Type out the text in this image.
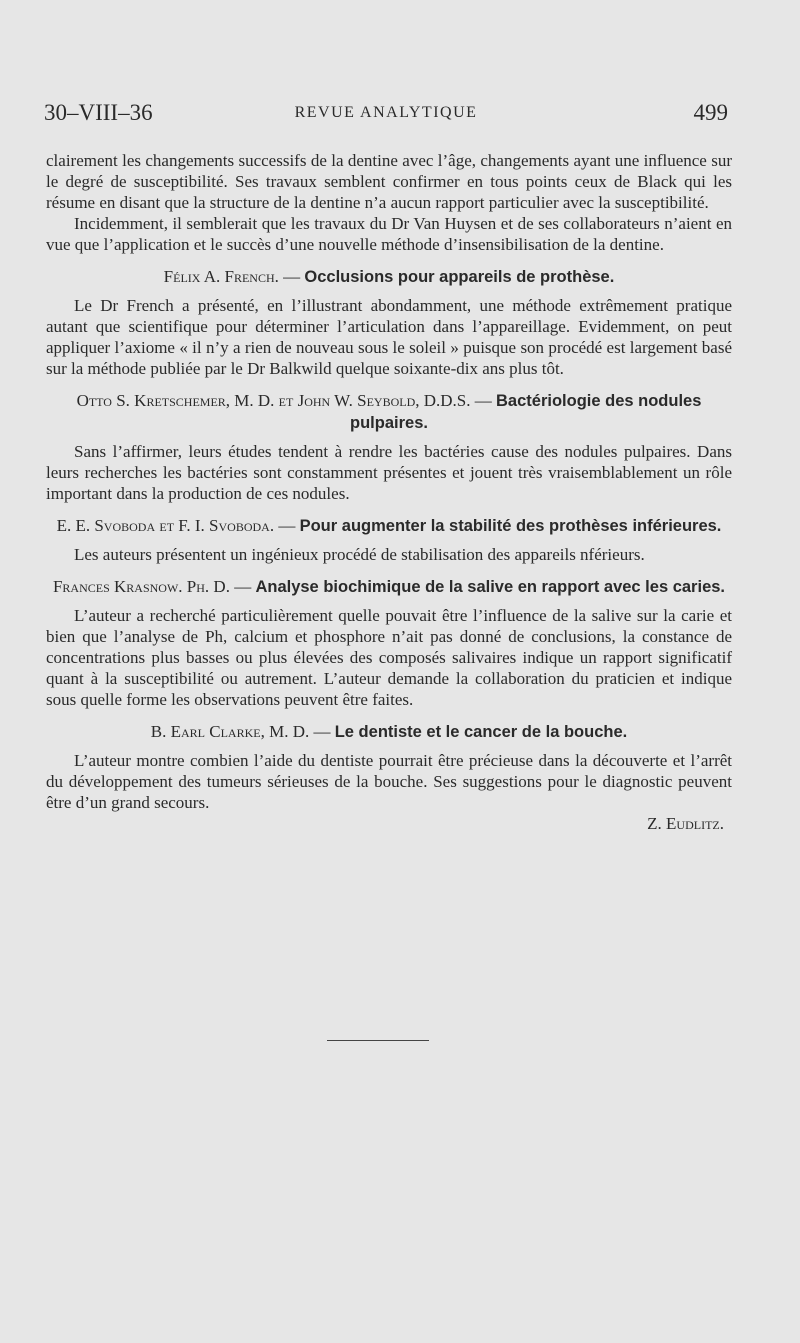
30–VIII–36	REVUE ANALYTIQUE	499

clairement les changements successifs de la dentine avec l’âge, changements ayant une influence sur le degré de susceptibilité. Ses travaux semblent confirmer en tous points ceux de Black qui les résume en disant que la structure de la dentine n’a aucun rapport particulier avec la susceptibilité.

Incidemment, il semblerait que les travaux du Dr Van Huysen et de ses collaborateurs n’aient en vue que l’application et le succès d’une nouvelle méthode d’insensibilisation de la dentine.

Félix A. French. — Occlusions pour appareils de prothèse.

Le Dr French a présenté, en l’illustrant abondamment, une méthode extrêmement pratique autant que scientifique pour déterminer l’articulation dans l’appareillage. Evidemment, on peut appliquer l’axiome « il n’y a rien de nouveau sous le soleil » puisque son procédé est largement basé sur la méthode publiée par le Dr Balkwild quelque soixante-dix ans plus tôt.

Otto S. Kretschemer, M. D. et John W. Seybold, D.D.S. — Bactériologie des nodules pulpaires.

Sans l’affirmer, leurs études tendent à rendre les bactéries cause des nodules pulpaires. Dans leurs recherches les bactéries sont constamment présentes et jouent très vraisemblablement un rôle important dans la production de ces nodules.

E. E. Svoboda et F. I. Svoboda. — Pour augmenter la stabilité des prothèses inférieures.

Les auteurs présentent un ingénieux procédé de stabilisation des appareils nférieurs.

Frances Krasnow. Ph. D. — Analyse biochimique de la salive en rapport avec les caries.

L’auteur a recherché particulièrement quelle pouvait être l’influence de la salive sur la carie et bien que l’analyse de Ph, calcium et phosphore n’ait pas donné de conclusions, la constance de concentrations plus basses ou plus élevées des composés salivaires indique un rapport significatif quant à la susceptibilité ou autrement. L’auteur demande la collaboration du praticien et indique sous quelle forme les observations peuvent être faites.

B. Earl Clarke, M. D. — Le dentiste et le cancer de la bouche.

L’auteur montre combien l’aide du dentiste pourrait être précieuse dans la découverte et l’arrêt du développement des tumeurs sérieuses de la bouche. Ses suggestions pour le diagnostic peuvent être d’un grand secours.

Z. Eudlitz.
